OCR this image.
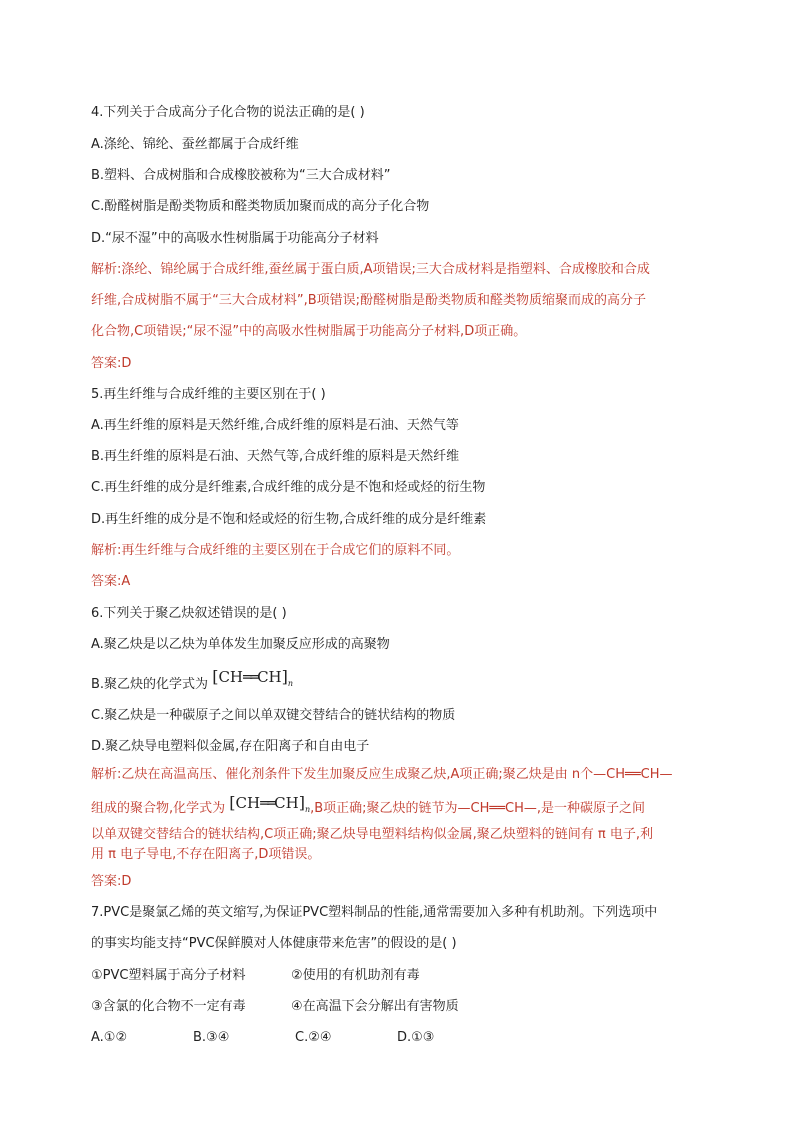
4.下列关于合成高分子化合物的说法正确的是( )
A.涤纶、锦纶、蚕丝都属于合成纤维
B.塑料、合成树脂和合成橡胶被称为“三大合成材料”
C.酚醛树脂是酚类物质和醛类物质加聚而成的高分子化合物
D.“尿不湿”中的高吸水性树脂属于功能高分子材料
解析:涤纶、锦纶属于合成纤维,蚕丝属于蛋白质,A项错误;三大合成材料是指塑料、合成橡胶和合成
纤维,合成树脂不属于“三大合成材料”,B项错误;酚醛树脂是酚类物质和醛类物质缩聚而成的高分子
化合物,C项错误;“尿不湿”中的高吸水性树脂属于功能高分子材料,D项正确。
答案:D
5.再生纤维与合成纤维的主要区别在于( )
A.再生纤维的原料是天然纤维,合成纤维的原料是石油、天然气等
B.再生纤维的原料是石油、天然气等,合成纤维的原料是天然纤维
C.再生纤维的成分是纤维素,合成纤维的成分是不饱和烃或烃的衍生物
D.再生纤维的成分是不饱和烃或烃的衍生物,合成纤维的成分是纤维素
解析:再生纤维与合成纤维的主要区别在于合成它们的原料不同。
答案:A
6.下列关于聚乙炔叙述错误的是( )
A.聚乙炔是以乙炔为单体发生加聚反应形成的高聚物
B.聚乙炔的化学式为 $[CH══CH]_n$
C.聚乙炔是一种碳原子之间以单双键交替结合的链状结构的物质
D.聚乙炔导电塑料似金属,存在阳离子和自由电子
解析:乙炔在高温高压、催化剂条件下发生加聚反应生成聚乙炔,A项正确;聚乙炔是由 n个—CH══CH—
组成的聚合物,化学式为 $[CH══CH]_n,B$项正确;聚乙炔的链节为—CH══CH—,是一种碳原子之间
以单双键交替结合的链状结构,C项正确;聚乙炔导电塑料结构似金属,聚乙炔塑料的链间有 π 电子,利
用 π 电子导电,不存在阳离子,D项错误。
答案:D
7.PVC是聚氯乙烯的英文缩写,为保证PVC塑料制品的性能,通常需要加入多种有机助剂。下列选项中
的事实均能支持“PVC保鲜膜对人体健康带来危害”的假设的是( )
①PVC塑料属于高分子材料	②使用的有机助剂有毒
③含氯的化合物不一定有毒	④在高温下会分解出有害物质
A.①②	B.③④	C.②④	D.①③
